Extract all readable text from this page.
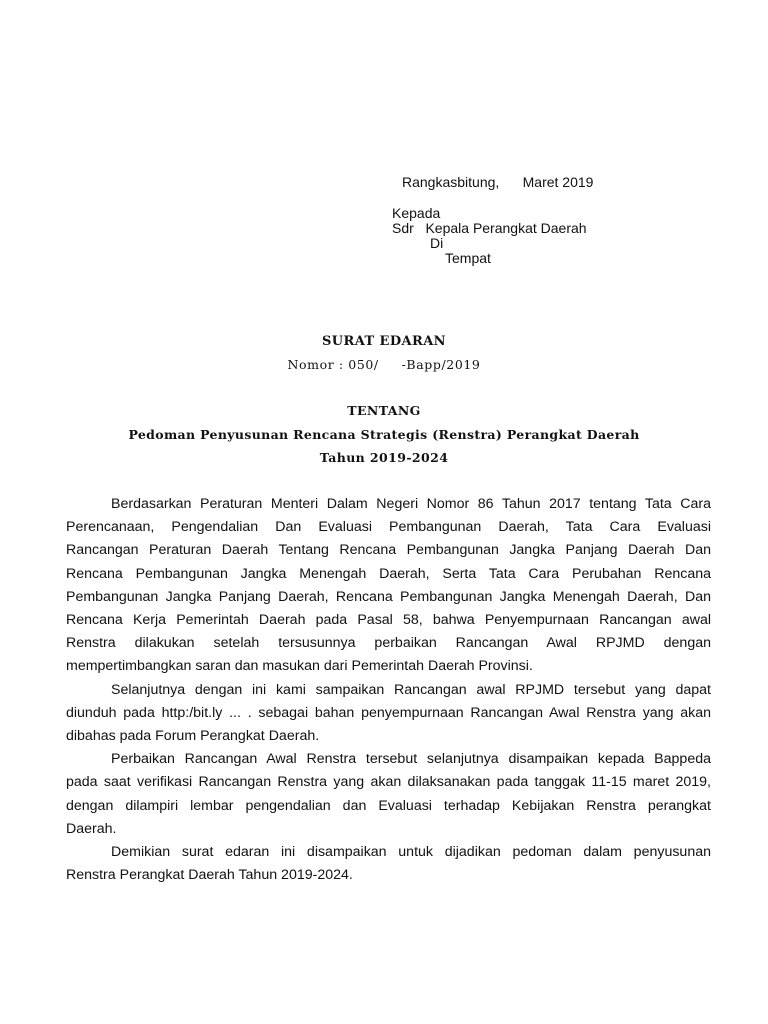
Rangkasbitung,      Maret 2019
Kepada
Sdr   Kepala Perangkat Daerah
Di
Tempat
SURAT EDARAN
Nomor : 050/     -Bapp/2019
TENTANG
Pedoman Penyusunan Rencana Strategis (Renstra) Perangkat Daerah
Tahun 2019-2024

Berdasarkan Peraturan Menteri Dalam Negeri Nomor 86 Tahun 2017 tentang Tata Cara
Perencanaan, Pengendalian Dan Evaluasi Pembangunan Daerah, Tata Cara Evaluasi
Rancangan Peraturan Daerah Tentang Rencana Pembangunan Jangka Panjang Daerah Dan
Rencana Pembangunan Jangka Menengah Daerah, Serta Tata Cara Perubahan Rencana
Pembangunan Jangka Panjang Daerah, Rencana Pembangunan Jangka Menengah Daerah, Dan
Rencana Kerja Pemerintah Daerah pada Pasal 58, bahwa Penyempurnaan Rancangan awal
Renstra dilakukan setelah tersusunnya perbaikan Rancangan Awal RPJMD dengan
mempertimbangkan saran dan masukan dari Pemerintah Daerah Provinsi.

Selanjutnya dengan ini kami sampaikan Rancangan awal RPJMD tersebut yang dapat
diunduh pada http:/bit.ly ... . sebagai bahan penyempurnaan Rancangan Awal Renstra yang akan
dibahas pada Forum Perangkat Daerah.

Perbaikan Rancangan Awal Renstra tersebut selanjutnya disampaikan kepada Bappeda
pada saat verifikasi Rancangan Renstra yang akan dilaksanakan pada tanggak 11-15 maret 2019,
dengan dilampiri lembar pengendalian dan Evaluasi terhadap Kebijakan Renstra perangkat
Daerah.

Demikian surat edaran ini disampaikan untuk dijadikan pedoman dalam penyusunan
Renstra Perangkat Daerah Tahun 2019-2024.
